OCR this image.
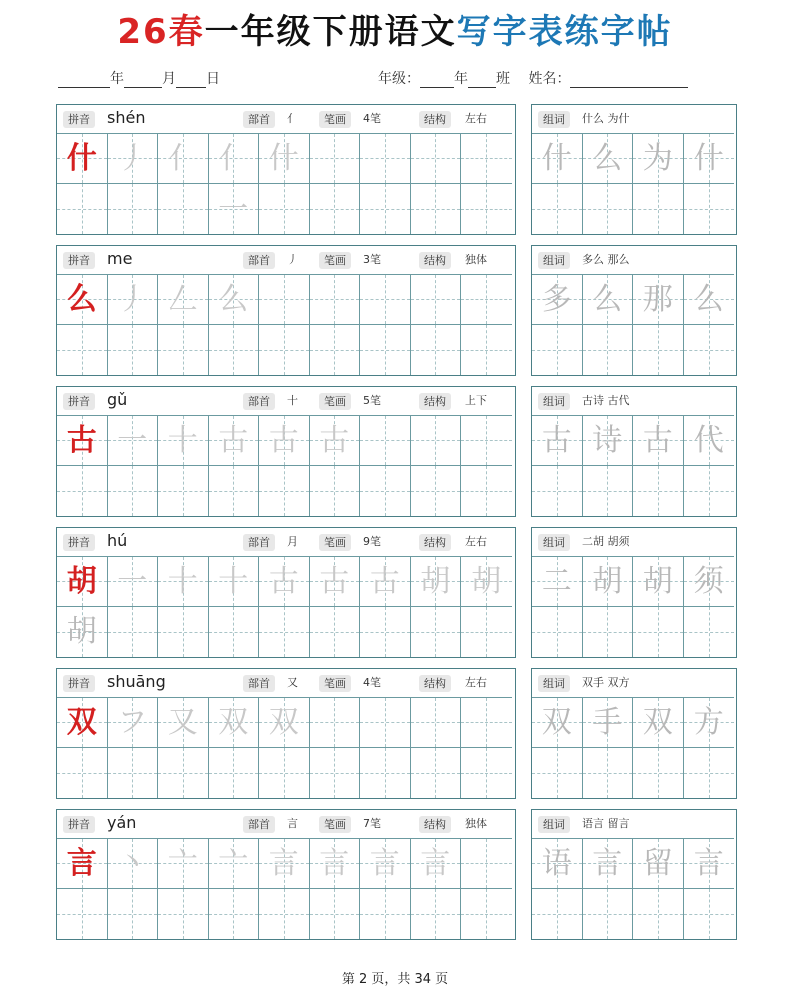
26春一年级下册语文写字表练字帖
年	月 日	年级： 年 班 姓名：
拼音	shén	部首	亻	笔画	4笔	结构	左右
什 丿 亻 亻一
什
组词	什么 为什
什 么 为 什
拼音	me	部首	丿	笔画	3笔	结构	独体
么 丿 𠃋 么
组词	多么 那么
多 么 那 么
拼音	gǔ	部首	十	笔画	5笔	结构	上下
古 一 十 古 古 古
组词	古诗 古代
古 诗 古 代
拼音	hú	部首	月	笔画	9笔	结构	左右
胡 一 十 十 古 古 古 胡 胡
胡
组词	二胡 胡须
二 胡 胡 须
拼音	shuāng	部首	又	笔画	4笔	结构	左右
双 フ 又 双 双
组词	双手 双方
双 手 双 方
拼音	yán	部首	言	笔画	7笔	结构	独体
言 丶 亠 亠 言 言 言 言
组词	语言 留言
语 言 留 言
第 2 页，共 34 页
